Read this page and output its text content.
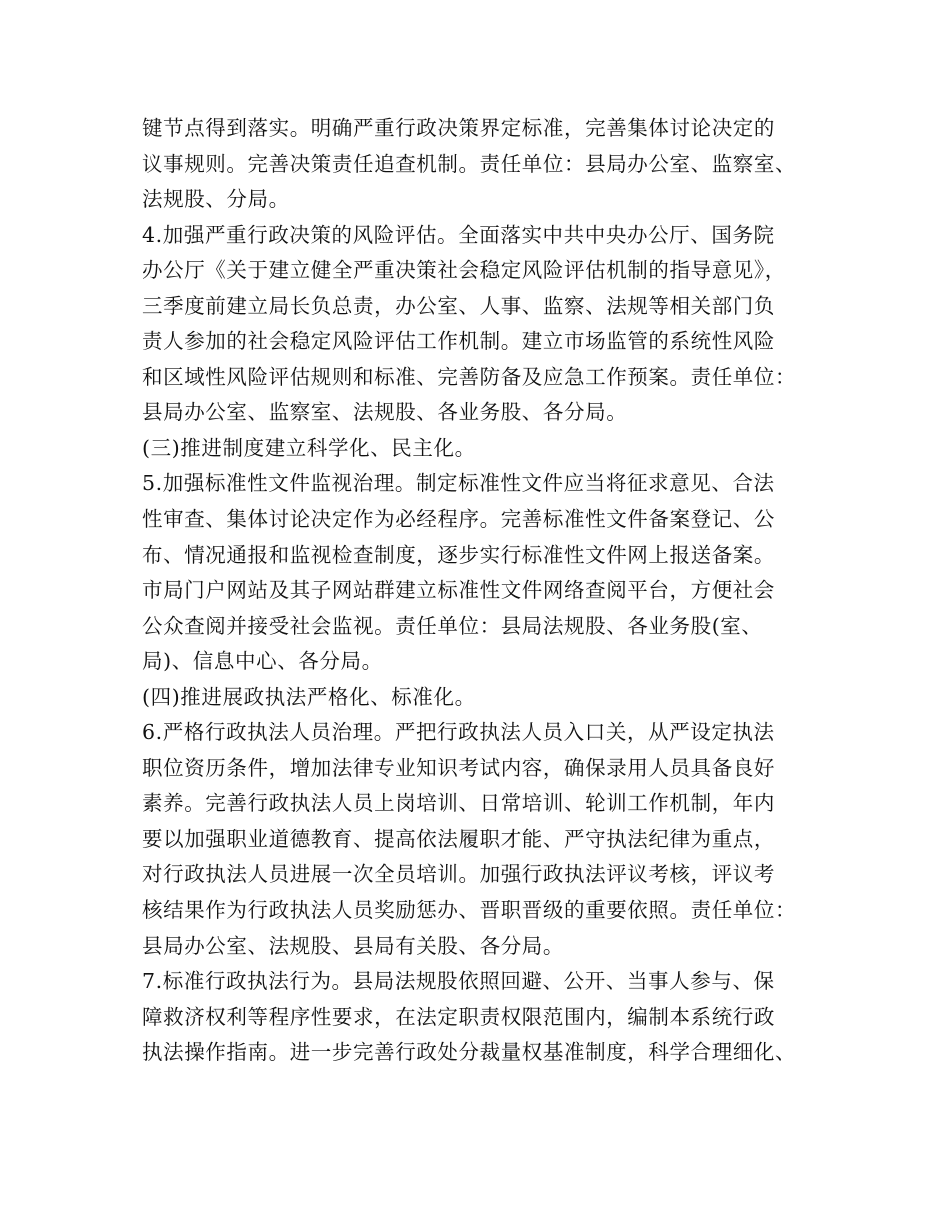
键节点得到落实。明确严重行政决策界定标准，完善集体讨论决定的
议事规则。完善决策责任追查机制。责任单位：县局办公室、监察室、
法规股、分局。
4.加强严重行政决策的风险评估。全面落实中共中央办公厅、国务院
办公厅《关于建立健全严重决策社会稳定风险评估机制的指导意见》，
三季度前建立局长负总责，办公室、人事、监察、法规等相关部门负
责人参加的社会稳定风险评估工作机制。建立市场监管的系统性风险
和区域性风险评估规则和标准、完善防备及应急工作预案。责任单位：
县局办公室、监察室、法规股、各业务股、各分局。
(三)推进制度建立科学化、民主化。
5.加强标准性文件监视治理。制定标准性文件应当将征求意见、合法
性审查、集体讨论决定作为必经程序。完善标准性文件备案登记、公
布、情况通报和监视检查制度，逐步实行标准性文件网上报送备案。
市局门户网站及其子网站群建立标准性文件网络查阅平台，方便社会
公众查阅并接受社会监视。责任单位：县局法规股、各业务股(室、
局)、信息中心、各分局。
(四)推进展政执法严格化、标准化。
6.严格行政执法人员治理。严把行政执法人员入口关，从严设定执法
职位资历条件，增加法律专业知识考试内容，确保录用人员具备良好
素养。完善行政执法人员上岗培训、日常培训、轮训工作机制，年内
要以加强职业道德教育、提高依法履职才能、严守执法纪律为重点，
对行政执法人员进展一次全员培训。加强行政执法评议考核，评议考
核结果作为行政执法人员奖励惩办、晋职晋级的重要依照。责任单位：
县局办公室、法规股、县局有关股、各分局。
7.标准行政执法行为。县局法规股依照回避、公开、当事人参与、保
障救济权利等程序性要求，在法定职责权限范围内，编制本系统行政
执法操作指南。进一步完善行政处分裁量权基准制度，科学合理细化、
